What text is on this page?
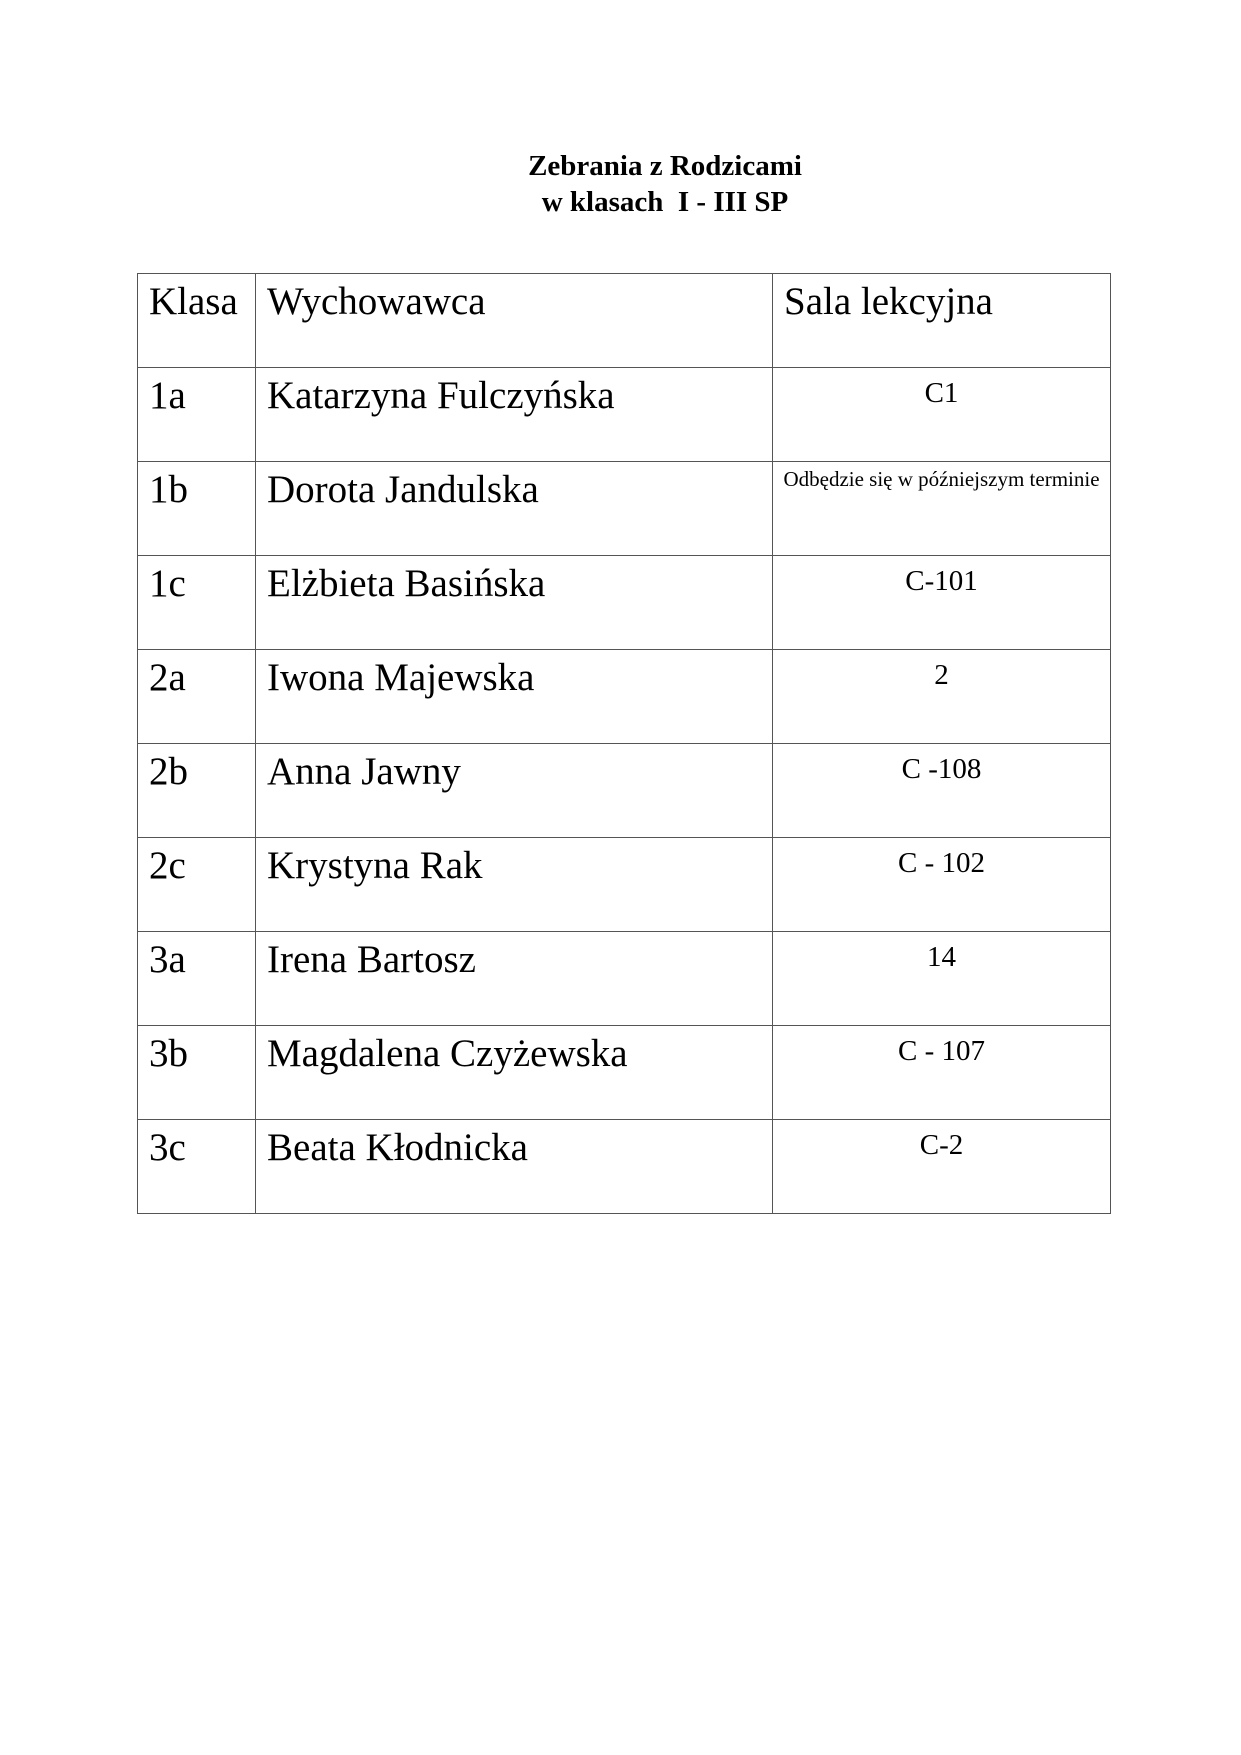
Zebrania z Rodzicami
w klasach  I - III SP
Klasa	Wychowawca	Sala lekcyjna

1a	Katarzyna Fulczyńska	C1

1b	Dorota Jandulska	Odbędzie się w późniejszym terminie

1c	Elżbieta Basińska	C-101

2a	Iwona Majewska	2

2b	Anna Jawny	C -108

2c	Krystyna Rak	C - 102

3a	Irena Bartosz	14

3b	Magdalena Czyżewska	C - 107

3c	Beata Kłodnicka	C-2
